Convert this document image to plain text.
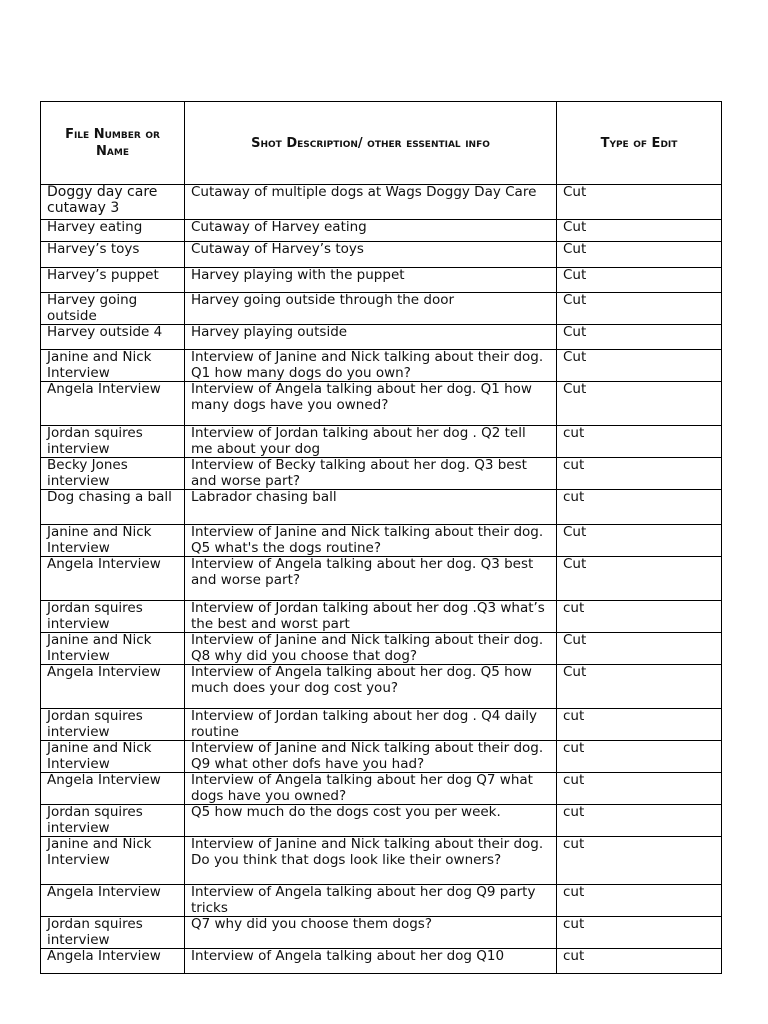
File Number or Name	Shot Description/ other essential info	Type of Edit
Doggy day care cutaway 3	Cutaway of multiple dogs at Wags Doggy Day Care	Cut
Harvey eating	Cutaway of Harvey eating	Cut
Harvey’s toys	Cutaway of Harvey’s toys	Cut
Harvey’s puppet	Harvey playing with the puppet	Cut
Harvey going outside	Harvey going outside through the door	Cut
Harvey outside 4	Harvey playing outside	Cut
Janine and Nick Interview	Interview of Janine and Nick talking about their dog. Q1 how many dogs do you own?	Cut
Angela Interview	Interview of Angela talking about her dog. Q1 how many dogs have you owned?	Cut
Jordan squires interview	Interview of Jordan talking about her dog . Q2 tell me about your dog	cut
Becky Jones interview	Interview of Becky talking about her dog. Q3 best and worse part?	cut
Dog chasing a ball	Labrador chasing ball	cut
Janine and Nick Interview	Interview of Janine and Nick talking about their dog. Q5 what's the dogs routine?	Cut
Angela Interview	Interview of Angela talking about her dog. Q3 best and worse part?	Cut
Jordan squires interview	Interview of Jordan talking about her dog .Q3 what’s the best and worst part	cut
Janine and Nick Interview	Interview of Janine and Nick talking about their dog. Q8 why did you choose that dog?	Cut
Angela Interview	Interview of Angela talking about her dog. Q5 how much does your dog cost you?	Cut
Jordan squires interview	Interview of Jordan talking about her dog . Q4 daily routine	cut
Janine and Nick Interview	Interview of Janine and Nick talking about their dog. Q9 what other dofs have you had?	cut
Angela Interview	Interview of Angela talking about her dog Q7 what dogs have you owned?	cut
Jordan squires interview	Q5 how much do the dogs cost you per week.	cut
Janine and Nick Interview	Interview of Janine and Nick talking about their dog. Do you think that dogs look like their owners?	cut
Angela Interview	Interview of Angela talking about her dog Q9 party tricks	cut
Jordan squires interview	Q7 why did you choose them dogs?	cut
Angela Interview	Interview of Angela talking about her dog Q10	cut
